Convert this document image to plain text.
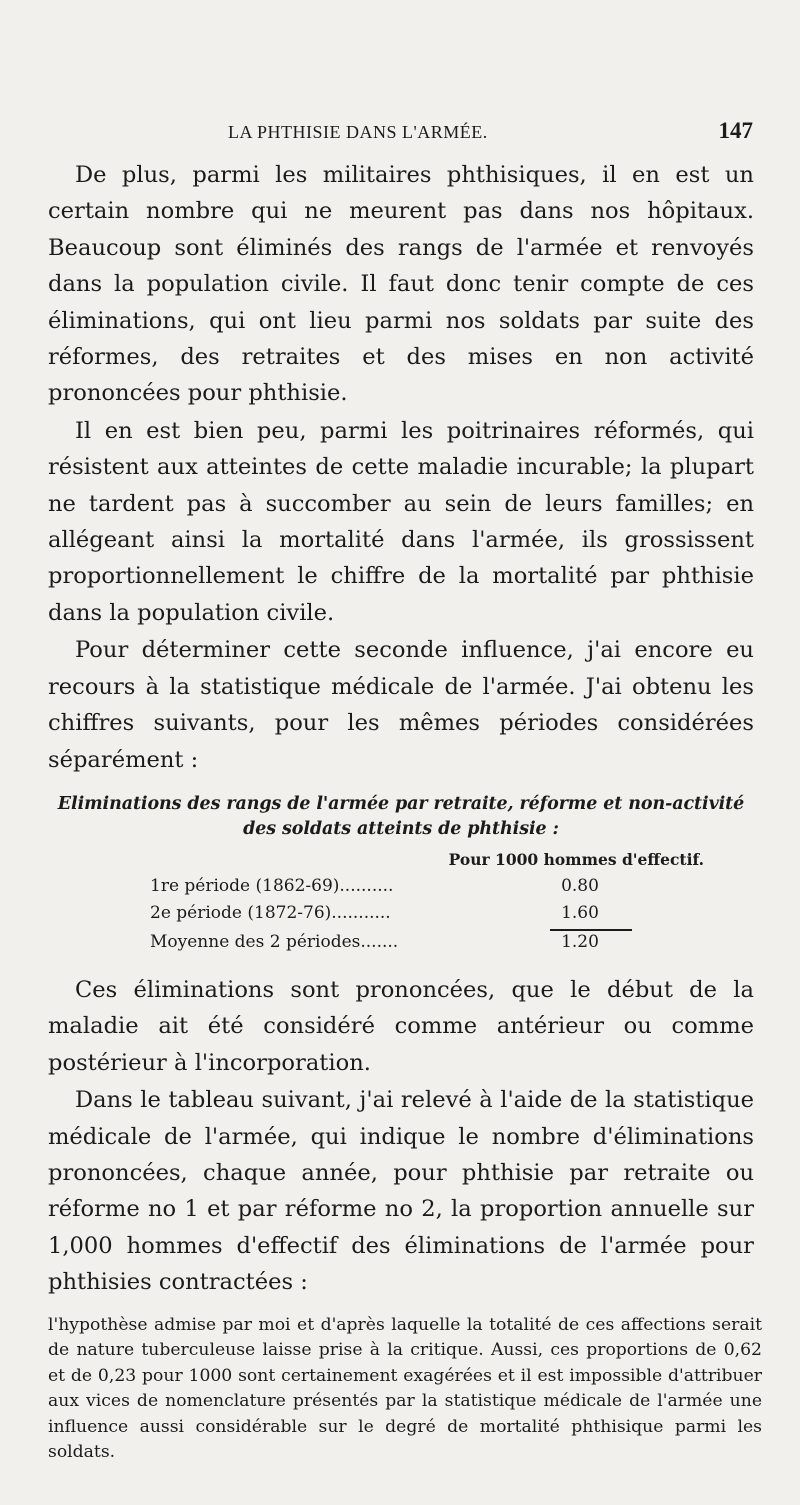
LA PHTHISIE DANS L'ARMÉE.	147

De plus, parmi les militaires phthisiques, il en est un certain nombre qui ne meurent pas dans nos hôpitaux. Beaucoup sont éliminés des rangs de l'armée et renvoyés dans la population civile. Il faut donc tenir compte de ces éliminations, qui ont lieu parmi nos soldats par suite des réformes, des retraites et des mises en non activité prononcées pour phthisie.

Il en est bien peu, parmi les poitrinaires réformés, qui résistent aux atteintes de cette maladie incurable; la plupart ne tardent pas à succomber au sein de leurs familles; en allégeant ainsi la mortalité dans l'armée, ils grossissent proportionnellement le chiffre de la mortalité par phthisie dans la population civile.

Pour déterminer cette seconde influence, j'ai encore eu recours à la statistique médicale de l'armée. J'ai obtenu les chiffres suivants, pour les mêmes périodes considérées séparément :

Eliminations des rangs de l'armée par retraite, réforme et non-activité des soldats atteints de phthisie :
Pour 1000 hommes d'effectif.
1re période (1862-69)..........	0.80
2e période (1872-76)...........	1.60
Moyenne des 2 périodes.......	1.20

Ces éliminations sont prononcées, que le début de la maladie ait été considéré comme antérieur ou comme postérieur à l'incorporation.

Dans le tableau suivant, j'ai relevé à l'aide de la statistique médicale de l'armée, qui indique le nombre d'éliminations prononcées, chaque année, pour phthisie par retraite ou réforme no 1 et par réforme no 2, la proportion annuelle sur 1,000 hommes d'effectif des éliminations de l'armée pour phthisies contractées :

l'hypothèse admise par moi et d'après laquelle la totalité de ces affections serait de nature tuberculeuse laisse prise à la critique. Aussi, ces proportions de 0,62 et de 0,23 pour 1000 sont certainement exagérées et il est impossible d'attribuer aux vices de nomenclature présentés par la statistique médicale de l'armée une influence aussi considérable sur le degré de mortalité phthisique parmi les soldats.
